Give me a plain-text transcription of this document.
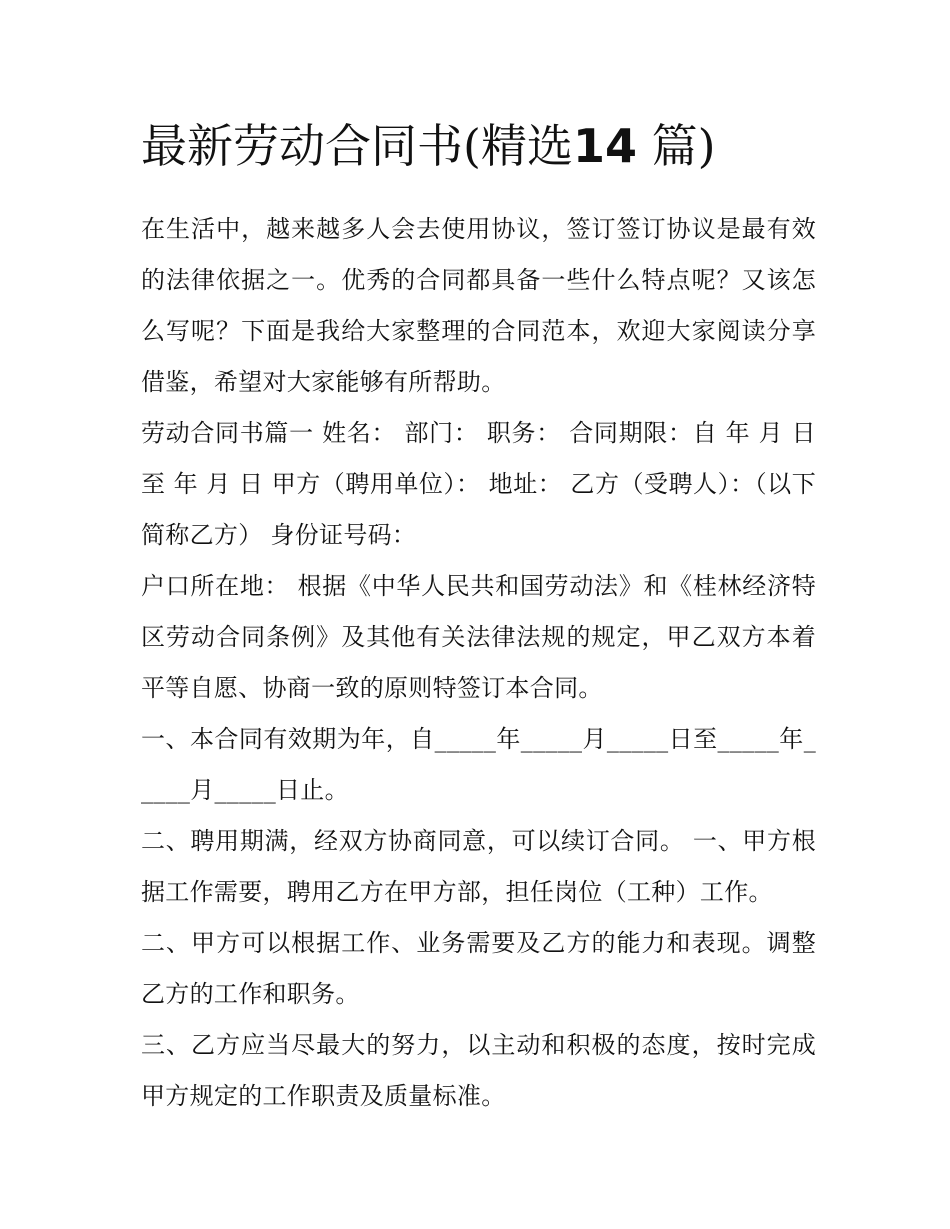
最新劳动合同书(精选14 篇)

在生活中，越来越多人会去使用协议，签订签订协议是最有效的法律依据之一。优秀的合同都具备一些什么特点呢？又该怎么写呢？下面是我给大家整理的合同范本，欢迎大家阅读分享借鉴，希望对大家能够有所帮助。

劳动合同书篇一 姓名： 部门： 职务： 合同期限：自 年 月 日 至 年 月 日 甲方（聘用单位）： 地址： 乙方（受聘人）：（以下简称乙方） 身份证号码：

户口所在地： 根据《中华人民共和国劳动法》和《桂林经济特区劳动合同条例》及其他有关法律法规的规定，甲乙双方本着平等自愿、协商一致的原则特签订本合同。

一、本合同有效期为年，自_____年_____月_____日至_____年_____月_____日止。

二、聘用期满，经双方协商同意，可以续订合同。 一、甲方根据工作需要，聘用乙方在甲方部，担任岗位（工种）工作。

二、甲方可以根据工作、业务需要及乙方的能力和表现。调整乙方的工作和职务。

三、乙方应当尽最大的努力，以主动和积极的态度，按时完成甲方规定的工作职责及质量标准。
